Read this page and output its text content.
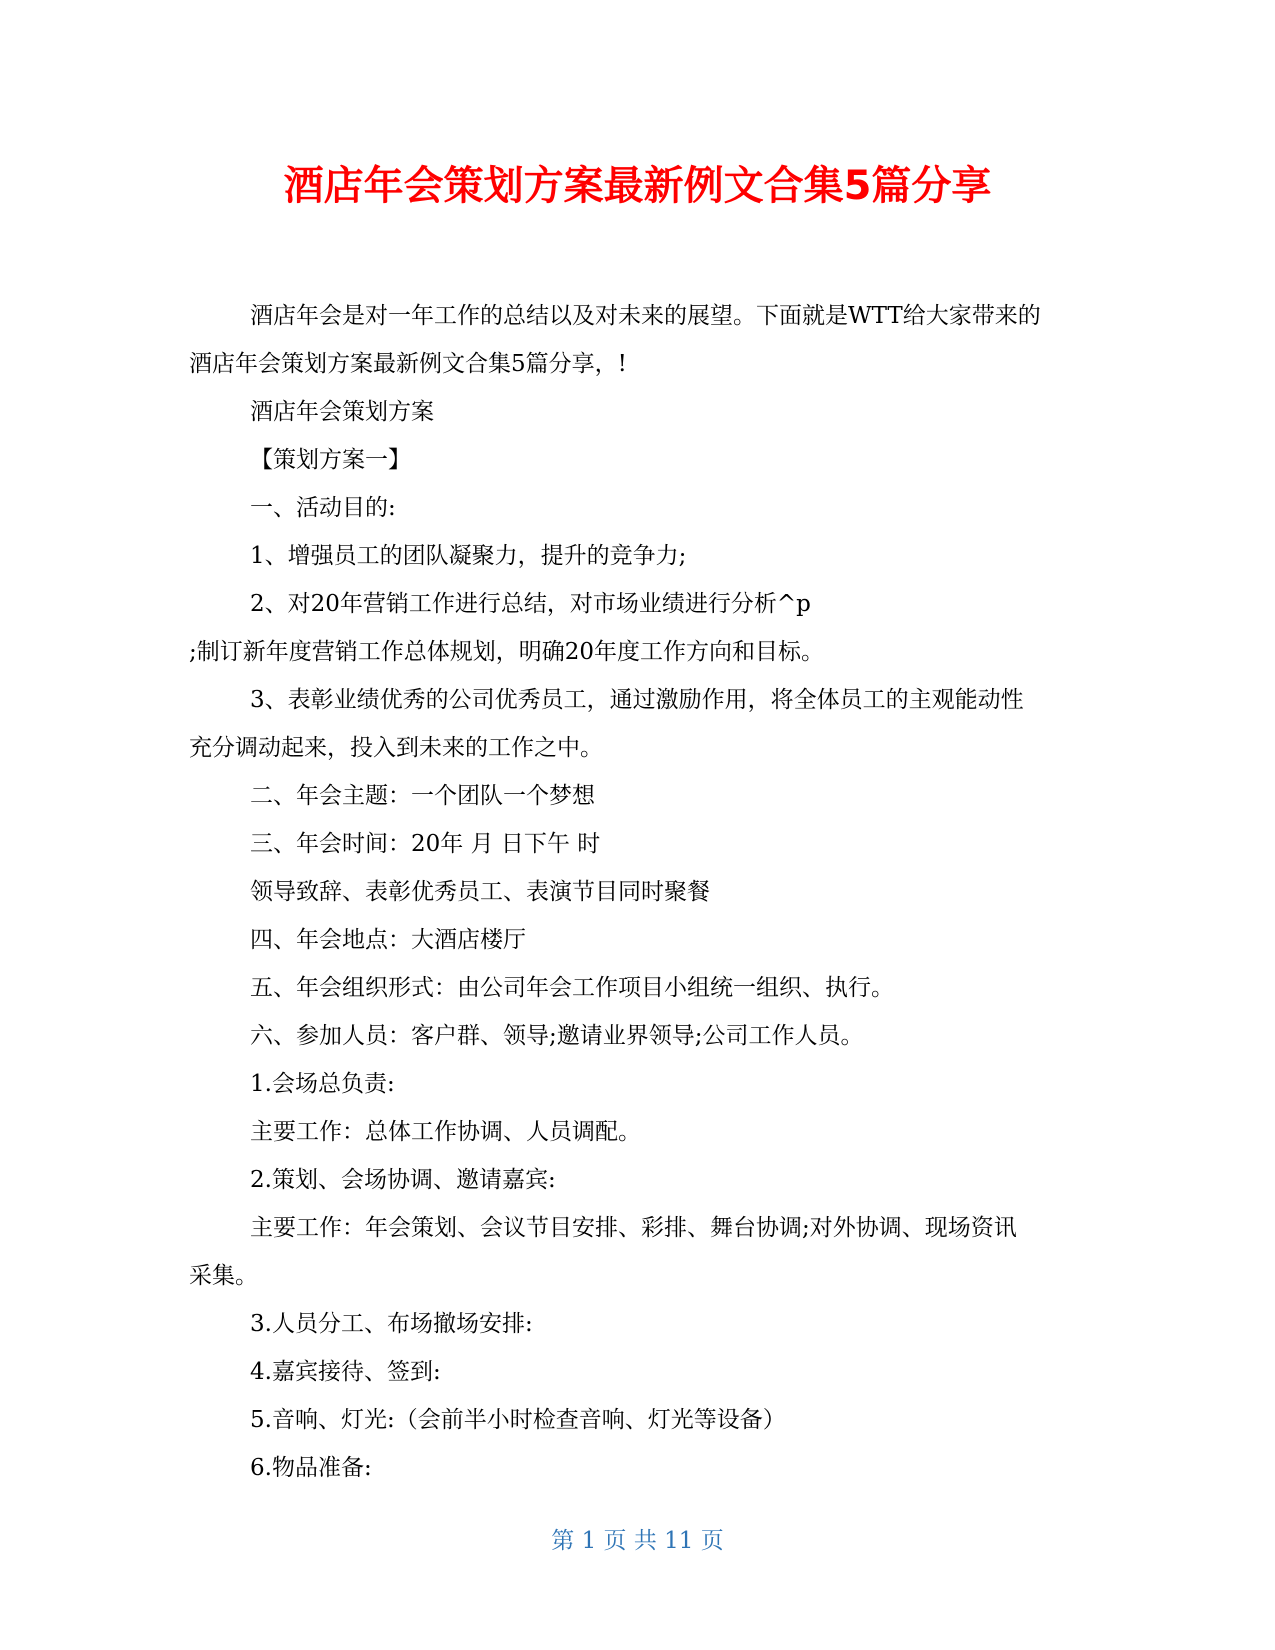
酒店年会策划方案最新例文合集5篇分享

酒店年会是对一年工作的总结以及对未来的展望。下面就是WTT给大家带来的

酒店年会策划方案最新例文合集5篇分享，!

酒店年会策划方案

【策划方案一】

一、活动目的:

1、增强员工的团队凝聚力，提升的竞争力;

2、对20年营销工作进行总结，对市场业绩进行分析^p

;制订新年度营销工作总体规划，明确20年度工作方向和目标。

3、表彰业绩优秀的公司优秀员工，通过激励作用，将全体员工的主观能动性

充分调动起来，投入到未来的工作之中。

二、年会主题：一个团队一个梦想

三、年会时间：20年 月 日下午 时

领导致辞、表彰优秀员工、表演节目同时聚餐

四、年会地点：大酒店楼厅

五、年会组织形式：由公司年会工作项目小组统一组织、执行。

六、参加人员：客户群、领导;邀请业界领导;公司工作人员。

1.会场总负责:

主要工作：总体工作协调、人员调配。

2.策划、会场协调、邀请嘉宾:

主要工作：年会策划、会议节目安排、彩排、舞台协调;对外协调、现场资讯

采集。

3.人员分工、布场撤场安排:

4.嘉宾接待、签到:

5.音响、灯光:（会前半小时检查音响、灯光等设备）

6.物品准备:

第 1 页 共 11 页
